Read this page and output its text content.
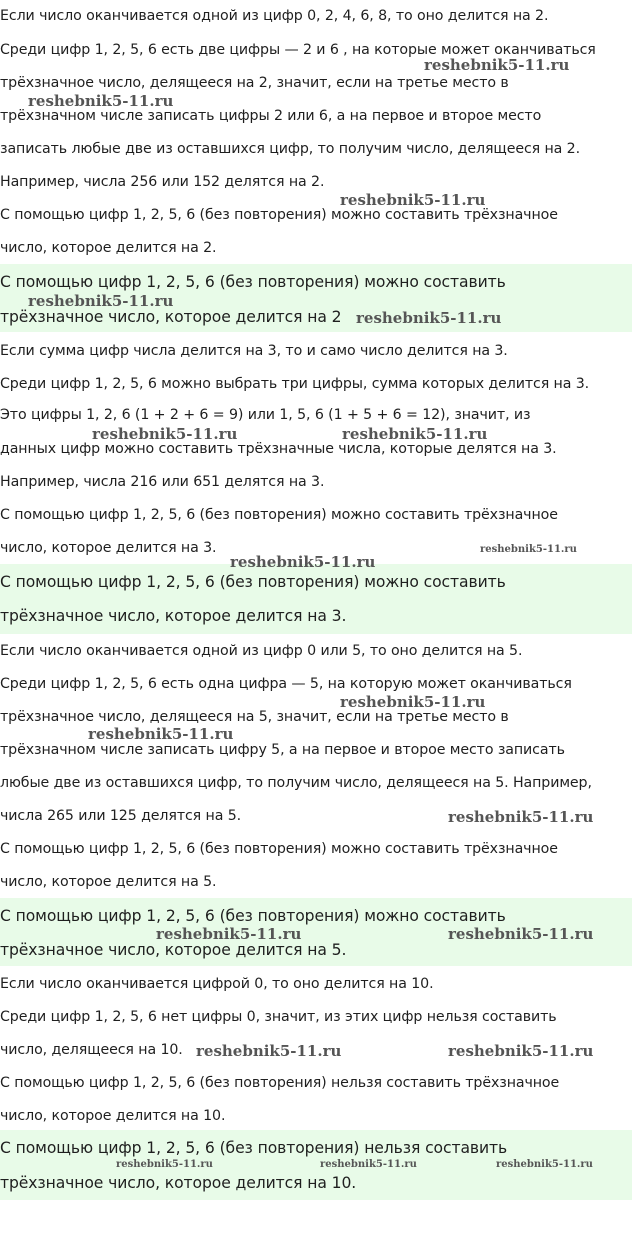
Если число оканчивается одной из цифр 0, 2, 4, 6, 8, то оно делится на 2.
Среди цифр 1, 2, 5, 6 есть две цифры — 2 и 6 , на которые может оканчиваться
трёхзначное число, делящееся на 2, значит, если на третье место в
трёхзначном числе записать цифры 2 или 6, а на первое и второе место
записать любые две из оставшихся цифр, то получим число, делящееся на 2.
Например, числа 256 или 152 делятся на 2.
С помощью цифр 1, 2, 5, 6 (без повторения) можно составить трёхзначное
число, которое делится на 2.
С помощью цифр 1, 2, 5, 6 (без повторения) можно составить
трёхзначное число, которое делится на 2
Если сумма цифр числа делится на 3, то и само число делится на 3.
Среди цифр 1, 2, 5, 6 можно выбрать три цифры, сумма которых делится на 3.
Это цифры 1, 2, 6 (1 + 2 + 6 = 9) или 1, 5, 6 (1 + 5 + 6 = 12), значит, из
данных цифр можно составить трёхзначные числа, которые делятся на 3.
Например, числа 216 или 651 делятся на 3.
С помощью цифр 1, 2, 5, 6 (без повторения) можно составить трёхзначное
число, которое делится на 3.
С помощью цифр 1, 2, 5, 6 (без повторения) можно составить
трёхзначное число, которое делится на 3.
Если число оканчивается одной из цифр 0 или 5, то оно делится на 5.
Среди цифр 1, 2, 5, 6 есть одна цифра — 5, на которую может оканчиваться
трёхзначное число, делящееся на 5, значит, если на третье место в
трёхзначном числе записать цифру 5, а на первое и второе место записать
любые две из оставшихся цифр, то получим число, делящееся на 5. Например,
числа 265 или 125 делятся на 5.
С помощью цифр 1, 2, 5, 6 (без повторения) можно составить трёхзначное
число, которое делится на 5.
С помощью цифр 1, 2, 5, 6 (без повторения) можно составить
трёхзначное число, которое делится на 5.
Если число оканчивается цифрой 0, то оно делится на 10.
Среди цифр 1, 2, 5, 6 нет цифры 0, значит, из этих цифр нельзя составить
число, делящееся на 10.
С помощью цифр 1, 2, 5, 6 (без повторения) нельзя составить трёхзначное
число, которое делится на 10.
С помощью цифр 1, 2, 5, 6 (без повторения) нельзя составить
трёхзначное число, которое делится на 10.
reshebnik5-11.ru
reshebnik5-11.ru
reshebnik5-11.ru
reshebnik5-11.ru
reshebnik5-11.ru
reshebnik5-11.ru	reshebnik5-11.ru
reshebnik5-11.ru
reshebnik5-11.ru
reshebnik5-11.ru
reshebnik5-11.ru
reshebnik5-11.ru
reshebnik5-11.ru	reshebnik5-11.ru
reshebnik5-11.ru	reshebnik5-11.ru
reshebnik5-11.ru	reshebnik5-11.ru	reshebnik5-11.ru
